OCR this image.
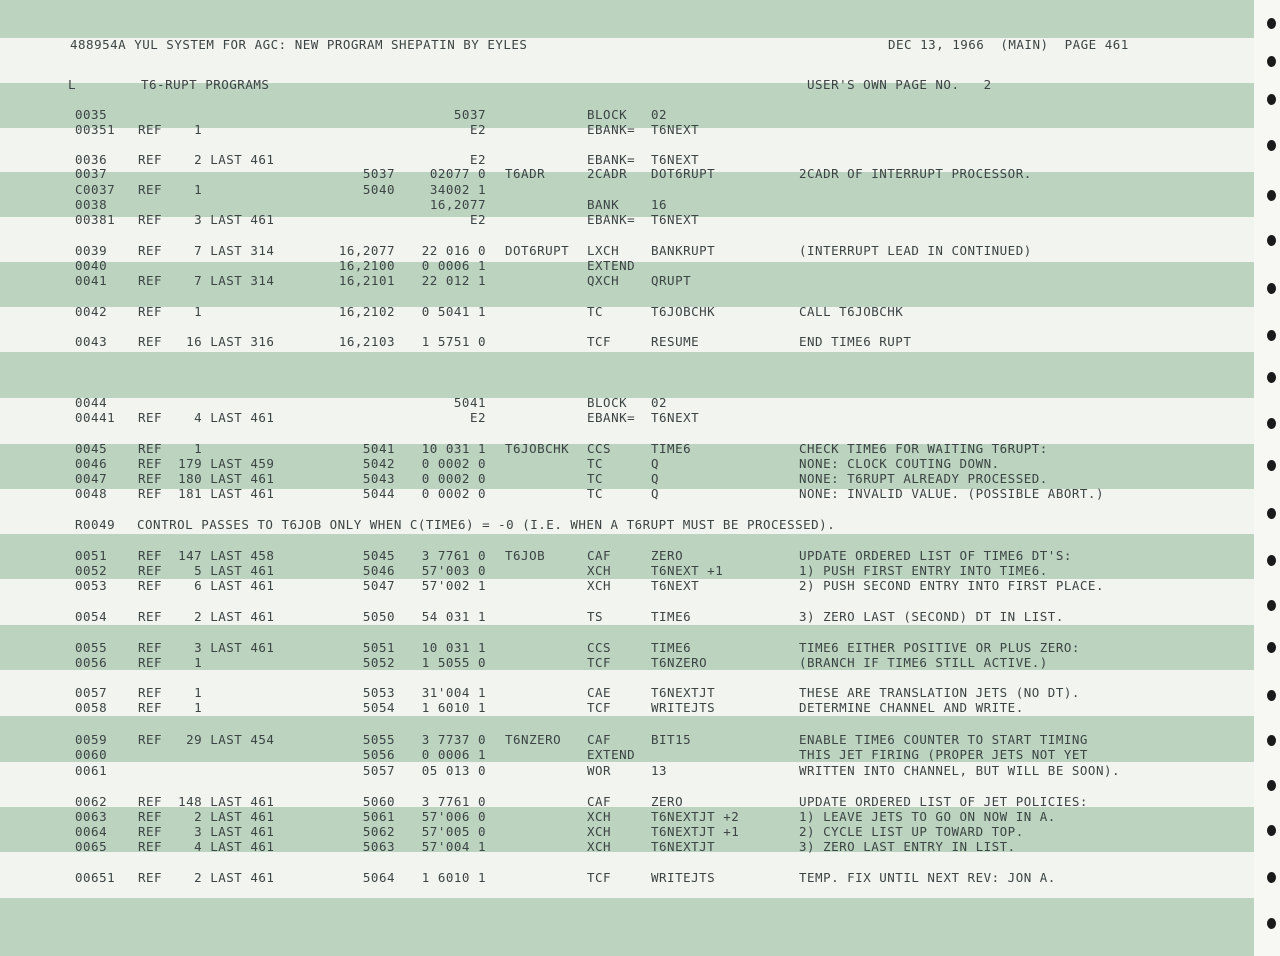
488954A YUL SYSTEM FOR AGC: NEW PROGRAM SHEPATIN BY EYLES	DEC 13, 1966  (MAIN)  PAGE 461
L	T6-RUPT PROGRAMS	USER'S OWN PAGE NO.   2
0035	5037	BLOCK 02
00351 REF    1	E2	EBANK= T6NEXT
0036 REF    2 LAST 461	E2	EBANK= T6NEXT
0037	5037	02077 0 T6ADR	2CADR DOT6RUPT	2CADR OF INTERRUPT PROCESSOR.
C0037 REF    1	5040	34002 1
0038	16,2077	BANK	16
00381 REF    3 LAST 461	E2	EBANK= T6NEXT
0039 REF    7 LAST 314	16,2077 22 016 0 DOT6RUPT LXCH	BANKRUPT	(INTERRUPT LEAD IN CONTINUED)
0040	16,2100 0 0006 1	EXTEND
0041 REF    7 LAST 314	16,2101 22 012 1	QXCH	QRUPT
0042 REF    1	16,2102 0 5041 1	TC	T6JOBCHK	CALL T6JOBCHK
0043 REF   16 LAST 316	16,2103 1 5751 0	TCF	RESUME	END TIME6 RUPT
0044	5041	BLOCK 02
00441 REF    4 LAST 461	E2	EBANK= T6NEXT
0045 REF    1	5041 10 031 1 T6JOBCHK CCS	TIME6	CHECK TIME6 FOR WAITING T6RUPT:
0046 REF  179 LAST 459	5042 0 0002 0	TC	Q	NONE: CLOCK COUTING DOWN.
0047 REF  180 LAST 461	5043 0 0002 0	TC	Q	NONE: T6RUPT ALREADY PROCESSED.
0048 REF  181 LAST 461	5044 0 0002 0	TC	Q	NONE: INVALID VALUE. (POSSIBLE ABORT.)
R0049 CONTROL PASSES TO T6JOB ONLY WHEN C(TIME6) = -0 (I.E. WHEN A T6RUPT MUST BE PROCESSED).
0051 REF  147 LAST 458	5045 3 7761 0 T6JOB	CAF	ZERO	UPDATE ORDERED LIST OF TIME6 DT'S:
0052 REF    5 LAST 461	5046 57'003 0	XCH	T6NEXT +1	1) PUSH FIRST ENTRY INTO TIME6.
0053 REF    6 LAST 461	5047 57'002 1	XCH	T6NEXT	2) PUSH SECOND ENTRY INTO FIRST PLACE.
0054 REF    2 LAST 461	5050 54 031 1	TS	TIME6	3) ZERO LAST (SECOND) DT IN LIST.
0055 REF    3 LAST 461	5051 10 031 1	CCS	TIME6	TIME6 EITHER POSITIVE OR PLUS ZERO:
0056 REF    1	5052 1 5055 0	TCF	T6NZERO	(BRANCH IF TIME6 STILL ACTIVE.)
0057 REF    1	5053 31'004 1	CAE	T6NEXTJT	THESE ARE TRANSLATION JETS (NO DT).
0058 REF    1	5054 1 6010 1	TCF	WRITEJTS	DETERMINE CHANNEL AND WRITE.
0059 REF   29 LAST 454	5055 3 7737 0 T6NZERO CAF	BIT15	ENABLE TIME6 COUNTER TO START TIMING
0060	5056 0 0006 1	EXTEND	THIS JET FIRING (PROPER JETS NOT YET
0061	5057 05 013 0	WOR	13	WRITTEN INTO CHANNEL, BUT WILL BE SOON).
0062 REF  148 LAST 461	5060 3 7761 0	CAF	ZERO	UPDATE ORDERED LIST OF JET POLICIES:
0063 REF    2 LAST 461	5061 57'006 0	XCH	T6NEXTJT +2	1) LEAVE JETS TO GO ON NOW IN A.
0064 REF    3 LAST 461	5062 57'005 0	XCH	T6NEXTJT +1	2) CYCLE LIST UP TOWARD TOP.
0065 REF    4 LAST 461	5063 57'004 1	XCH	T6NEXTJT	3) ZERO LAST ENTRY IN LIST.
00651 REF    2 LAST 461	5064 1 6010 1	TCF	WRITEJTS	TEMP. FIX UNTIL NEXT REV: JON A.
